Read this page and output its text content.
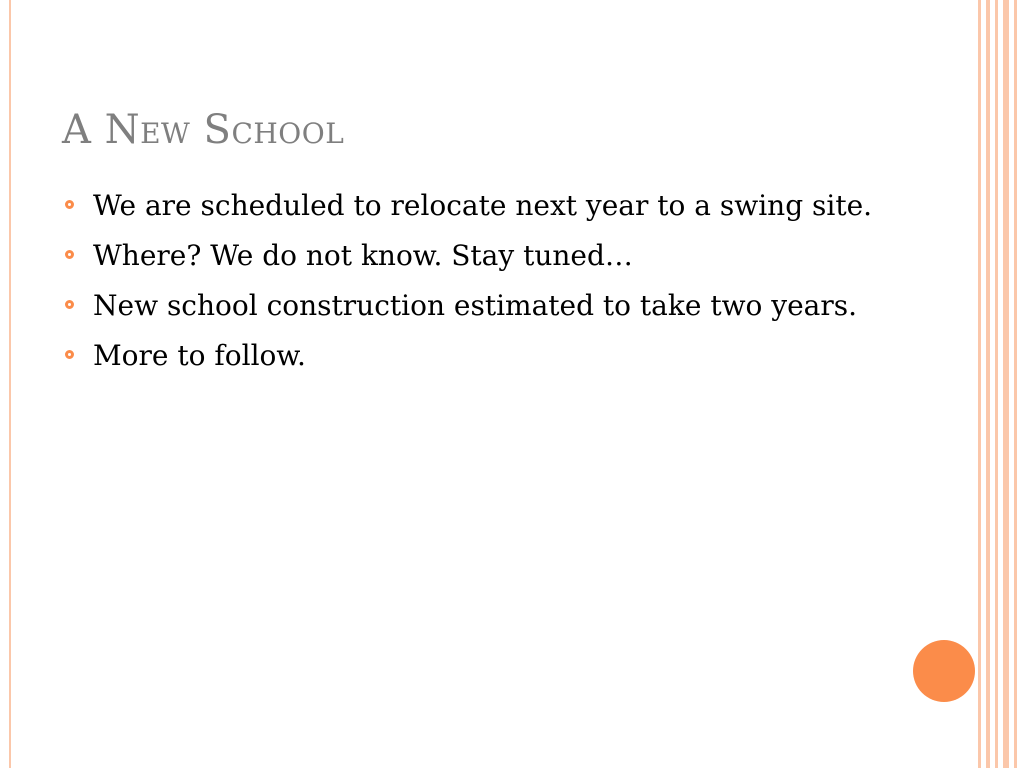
A New School
We are scheduled to relocate next year to a swing site.
Where? We do not know. Stay tuned…
New school construction estimated to take two years.
More to follow.
